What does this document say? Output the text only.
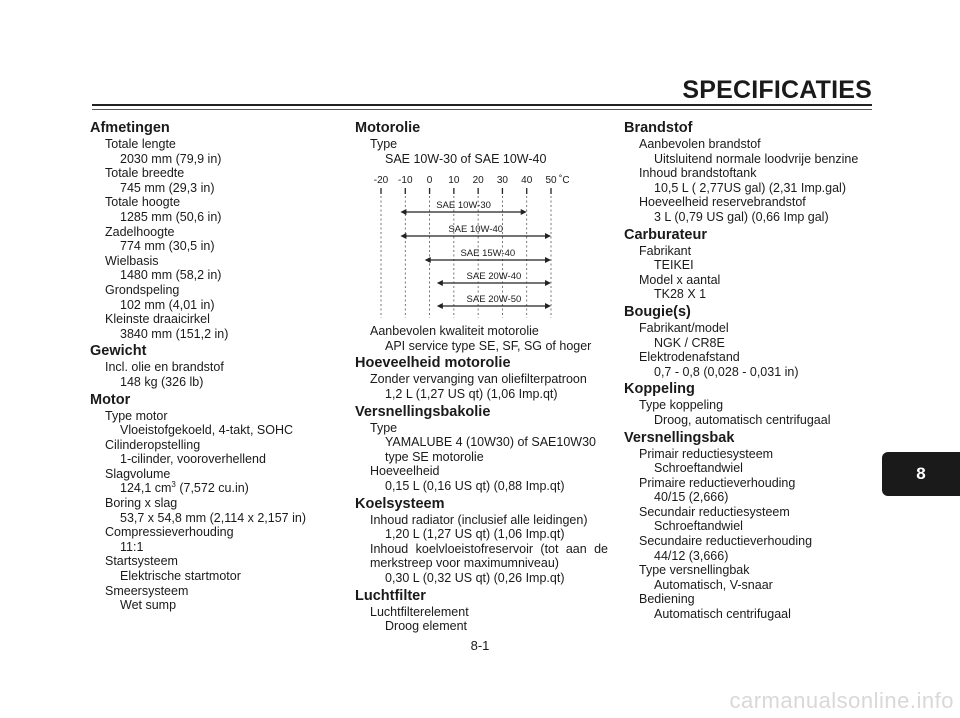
SPECIFICATIES
Afmetingen
Totale lengte
2030 mm (79,9 in)
Totale breedte
745 mm (29,3 in)
Totale hoogte
1285 mm (50,6 in)
Zadelhoogte
774 mm (30,5 in)
Wielbasis
1480 mm (58,2 in)
Grondspeling
102 mm (4,01 in)
Kleinste draaicirkel
3840 mm (151,2 in)
Gewicht
Incl. olie en brandstof
148 kg (326 lb)
Motor
Type motor
Vloeistofgekoeld, 4-takt, SOHC
Cilinderopstelling
1-cilinder, vooroverhellend
Slagvolume
124,1 $cm^3$ (7,572 cu.in)
Boring x slag
53,7 x 54,8 mm (2,114 x 2,157 in)
Compressieverhouding
11:1
Startsysteem
Elektrische startmotor
Smeersysteem
Wet sump
Motorolie
Type
SAE 10W-30 of SAE 10W-40
-20 -10 0 10 20 30 40 50 ˚C
SAE 10W-30
SAE 10W-40
SAE 15W-40
SAE 20W-40
SAE 20W-50
Aanbevolen kwaliteit motorolie
API service type SE, SF, SG of hoger
Hoeveelheid motorolie
Zonder vervanging van oliefilterpatroon
1,2 L (1,27 US qt) (1,06 Imp.qt)
Versnellingsbakolie
Type
YAMALUBE 4 (10W30) of SAE10W30
type SE motorolie
Hoeveelheid
0,15 L (0,16 US qt) (0,88 Imp.qt)
Koelsysteem
Inhoud radiator (inclusief alle leidingen)
1,20 L (1,27 US qt) (1,06 Imp.qt)
Inhoud koelvloeistofreservoir (tot aan de merkstreep voor maximumniveau)
0,30 L (0,32 US qt) (0,26 Imp.qt)
Luchtfilter
Luchtfilterelement
Droog element
Brandstof
Aanbevolen brandstof
Uitsluitend normale loodvrije benzine
Inhoud brandstoftank
10,5 L ( 2,77US gal) (2,31 Imp.gal)
Hoeveelheid reservebrandstof
3 L (0,79 US gal) (0,66 Imp gal)
Carburateur
Fabrikant
TEIKEI
Model x aantal
TK28 X 1
Bougie(s)
Fabrikant/model
NGK / CR8E
Elektrodenafstand
0,7 - 0,8 (0,028 - 0,031 in)
Koppeling
Type koppeling
Droog, automatisch centrifugaal
Versnellingsbak
Primair reductiesysteem
Schroeftandwiel
Primaire reductieverhouding
40/15 (2,666)
Secundair reductiesysteem
Schroeftandwiel
Secundaire reductieverhouding
44/12 (3,666)
Type versnellingbak
Automatisch, V-snaar
Bediening
Automatisch centrifugaal
8
8-1
carmanualsonline.info
